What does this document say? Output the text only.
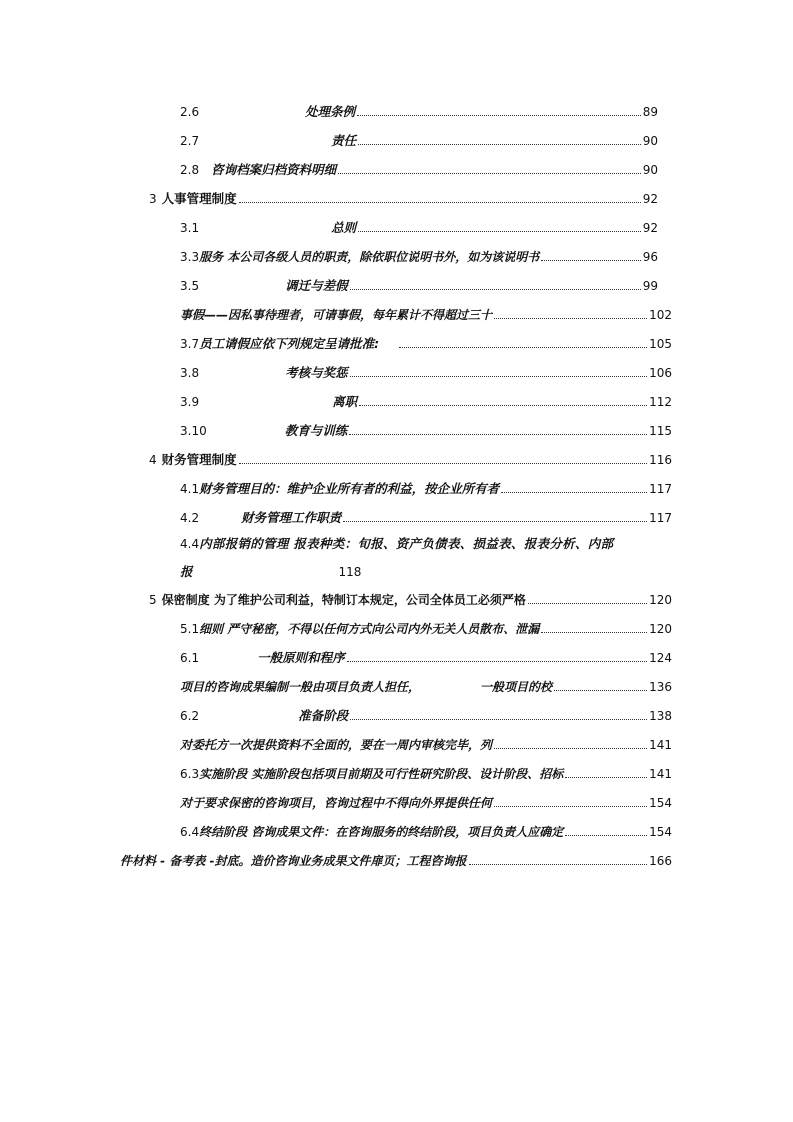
2.6	处理条例	89
2.7	责任	90
2.8 咨询档案归档资料明细	90
3 人事管理制度	92
3.1	总则	92
3.3 服务 本公司各级人员的职责，除依职位说明书外，如为该说明书	96
3.5	调迁与差假	99
事假——因私事待理者，可请事假，每年累计不得超过三十	102
3.7 员工请假应依下列规定呈请批准:	105
3.8	考核与奖惩	106
3.9	离职	112
3.10	教育与训练	115
4 财务管理制度	116
4.1 财务管理目的：维护企业所有者的利益，按企业所有者	117
4.2	财务管理工作职责	117
4.4内部报销的管理 报表种类：旬报、资产负债表、损益表、报表分析、内部
报	118
5 保密制度 为了维护公司利益，特制订本规定，公司全体员工必须严格	120
5.1 细则 严守秘密，不得以任何方式向公司内外无关人员散布、泄漏	120
6.1	一般原则和程序	124
项目的咨询成果编制一般由项目负责人担任，	一般项目的校	136
6.2	准备阶段	138
对委托方一次提供资料不全面的，要在一周内审核完毕，列	141
6.3 实施阶段 实施阶段包括项目前期及可行性研究阶段、设计阶段、招标	141
对于要求保密的咨询项目，咨询过程中不得向外界提供任何	154
6.4 终结阶段 咨询成果文件：在咨询服务的终结阶段，项目负责人应确定	154
件材料 - 备考表 -封底。造价咨询业务成果文件扉页；工程咨询报	166
